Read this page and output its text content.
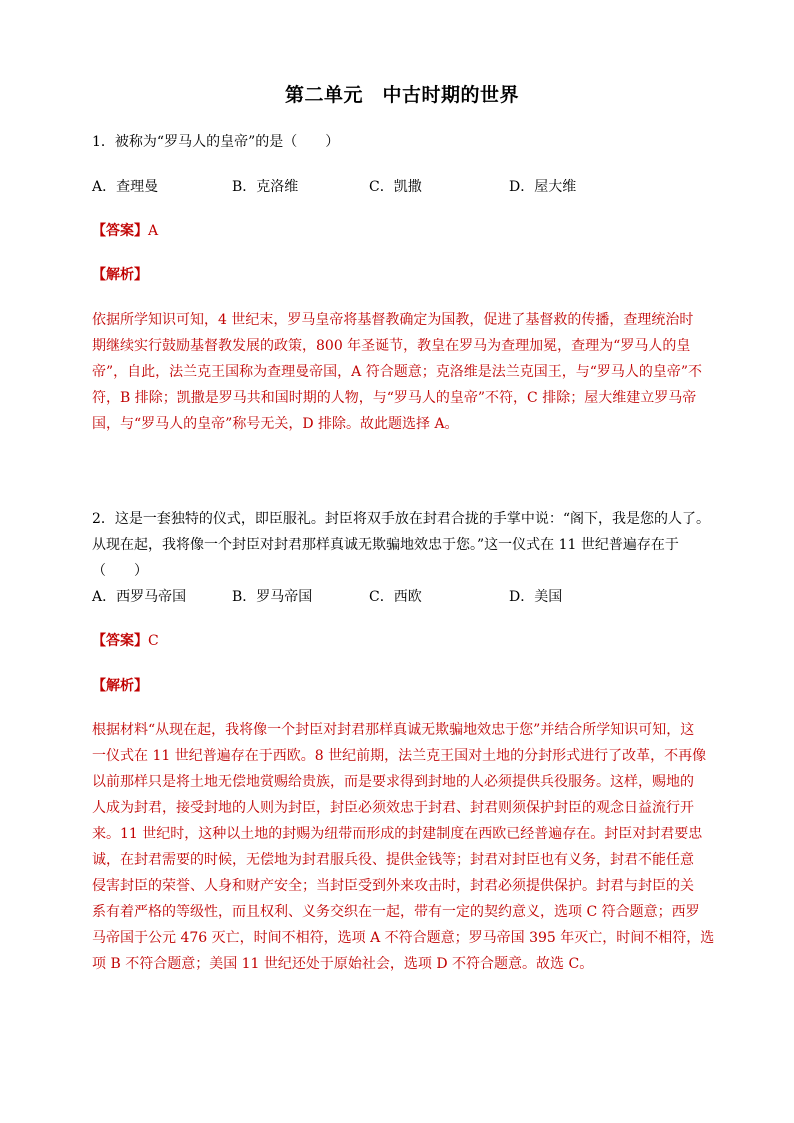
第二单元　中古时期的世界
1．被称为“罗马人的皇帝”的是（　　）
A．查理曼	B．克洛维	C．凯撒	D．屋大维
【答案】A
【解析】
依据所学知识可知，4 世纪末，罗马皇帝将基督教确定为国教，促进了基督救的传播，查理统治时
期继续实行鼓励基督教发展的政策，800 年圣诞节，教皇在罗马为查理加冕，查理为“罗马人的皇
帝”，自此，法兰克王国称为查理曼帝国，A 符合题意；克洛维是法兰克国王，与“罗马人的皇帝”不
符，B 排除；凯撒是罗马共和国时期的人物，与“罗马人的皇帝”不符，C 排除；屋大维建立罗马帝
国，与“罗马人的皇帝”称号无关，D 排除。故此题选择 A。
2．这是一套独特的仪式，即臣服礼。封臣将双手放在封君合拢的手掌中说：“阁下，我是您的人了。
从现在起，我将像一个封臣对封君那样真诚无欺骗地效忠于您。”这一仪式在 11 世纪普遍存在于
（　　）
A．西罗马帝国	B．罗马帝国	C．西欧	D．美国
【答案】C
【解析】
根据材料“从现在起，我将像一个封臣对封君那样真诚无欺骗地效忠于您”并结合所学知识可知，这
一仪式在 11 世纪普遍存在于西欧。8 世纪前期，法兰克王国对土地的分封形式进行了改革，不再像
以前那样只是将土地无偿地赏赐给贵族，而是要求得到封地的人必须提供兵役服务。这样，赐地的
人成为封君，接受封地的人则为封臣，封臣必须效忠于封君、封君则须保护封臣的观念日益流行开
来。11 世纪时，这种以土地的封赐为纽带而形成的封建制度在西欧已经普遍存在。封臣对封君要忠
诚，在封君需要的时候，无偿地为封君服兵役、提供金钱等；封君对封臣也有义务，封君不能任意
侵害封臣的荣誉、人身和财产安全；当封臣受到外来攻击时，封君必须提供保护。封君与封臣的关
系有着严格的等级性，而且权利、义务交织在一起，带有一定的契约意义，选项 C 符合题意；西罗
马帝国于公元 476 灭亡，时间不相符，选项 A 不符合题意；罗马帝国 395 年灭亡，时间不相符，选
项 B 不符合题意；美国 11 世纪还处于原始社会，选项 D 不符合题意。故选 C。
